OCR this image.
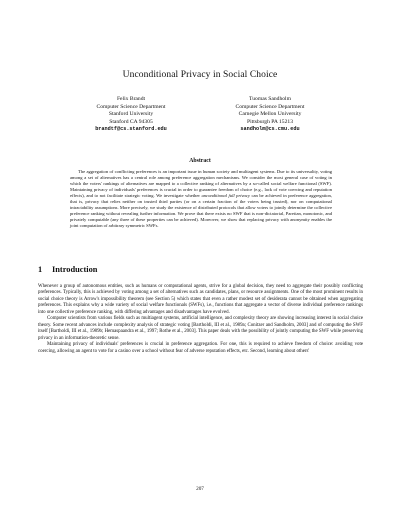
Unconditional Privacy in Social Choice
Felix Brandt
Computer Science Department
Stanford University
Stanford CA 94305
brandtf@cs.stanford.edu
Tuomas Sandholm
Computer Science Department
Carnegie Mellon University
Pittsburgh PA 15213
sandholm@cs.cmu.edu
Abstract
The aggregation of conflicting preferences is an important issue in human society and multiagent systems. Due to its universality, voting among a set of alternatives has a central role among preference aggregation mechanisms. We consider the most general case of voting in which the voters' rankings of alternatives are mapped to a collective ranking of alternatives by a so-called social welfare functional (SWF). Maintaining privacy of individuals' preferences is crucial in order to guarantee freedom of choice (e.g., lack of vote coercing and reputation effects), and to not facilitate strategic voting. We investigate whether unconditional full privacy can be achieved in preference aggregation, that is, privacy that relies neither on trusted third parties (or on a certain fraction of the voters being trusted), nor on computational intractability assumptions. More precisely, we study the existence of distributed protocols that allow voters to jointly determine the collective preference ranking without revealing further information. We prove that there exists no SWF that is non-dictatorial, Paretian, monotonic, and privately computable (any three of these properties can be achieved). Moreover, we show that replacing privacy with anonymity enables the joint computation of arbitrary symmetric SWFs.
1 Introduction

Whenever a group of autonomous entities, such as humans or computational agents, strive for a global decision, they need to aggregate their possibly conflicting preferences. Typically, this is achieved by voting among a set of alternatives such as candidates, plans, or resource assignments. One of the most prominent results in social choice theory is Arrow's impossibility theorem (see Section 5) which states that even a rather modest set of desiderata cannot be obtained when aggregating preferences. This explains why a wide variety of social welfare functionals (SWFs), i.e., functions that aggregate a vector of diverse individual preference rankings into one collective preference ranking, with differing advantages and disadvantages have evolved.

Computer scientists from various fields such as multiagent systems, artificial intelligence, and complexity theory are showing increasing interest in social choice theory. Some recent advances include complexity analysis of strategic voting [Bartholdi, III et al., 1989a; Conitzer and Sandholm, 2003] and of computing the SWF itself [Bartholdi, III et al., 1989b; Hemaspaandra et al., 1997; Rothe et al., 2003]. This paper deals with the possibility of jointly computing the SWF while preserving privacy in an information-theoretic sense.

Maintaining privacy of individuals' preferences is crucial in preference aggregation. For one, this is required to achieve freedom of choice: avoiding vote coercing, allowing an agent to vote for a casino over a school without fear of adverse reputation effects, etc. Second, learning about others'

207
